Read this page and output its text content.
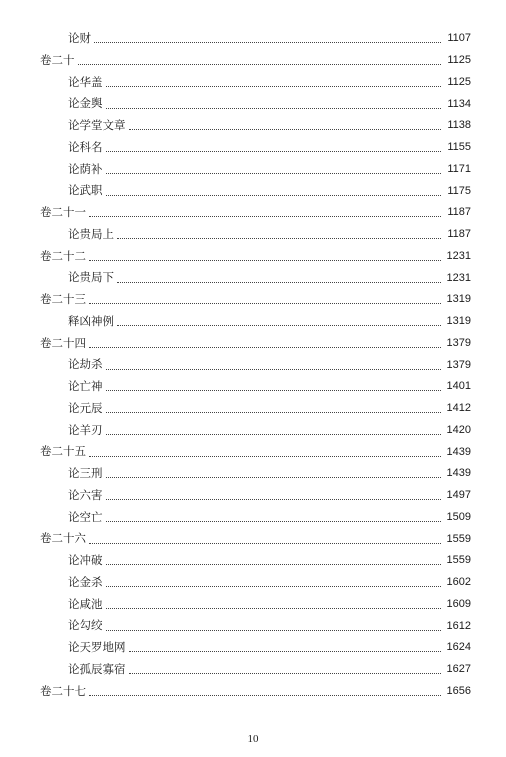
论财	1107
卷二十	1125
论华盖	1125
论金舆	1134
论学堂文章	1138
论科名	1155
论荫补	1171
论武职	1175
卷二十一	1187
论贵局上	1187
卷二十二	1231
论贵局下	1231
卷二十三	1319
释凶神例	1319
卷二十四	1379
论劫杀	1379
论亡神	1401
论元辰	1412
论羊刃	1420
卷二十五	1439
论三刑	1439
论六害	1497
论空亡	1509
卷二十六	1559
论冲破	1559
论金杀	1602
论咸池	1609
论勾绞	1612
论天罗地网	1624
论孤辰寡宿	1627
卷二十七	1656
10
